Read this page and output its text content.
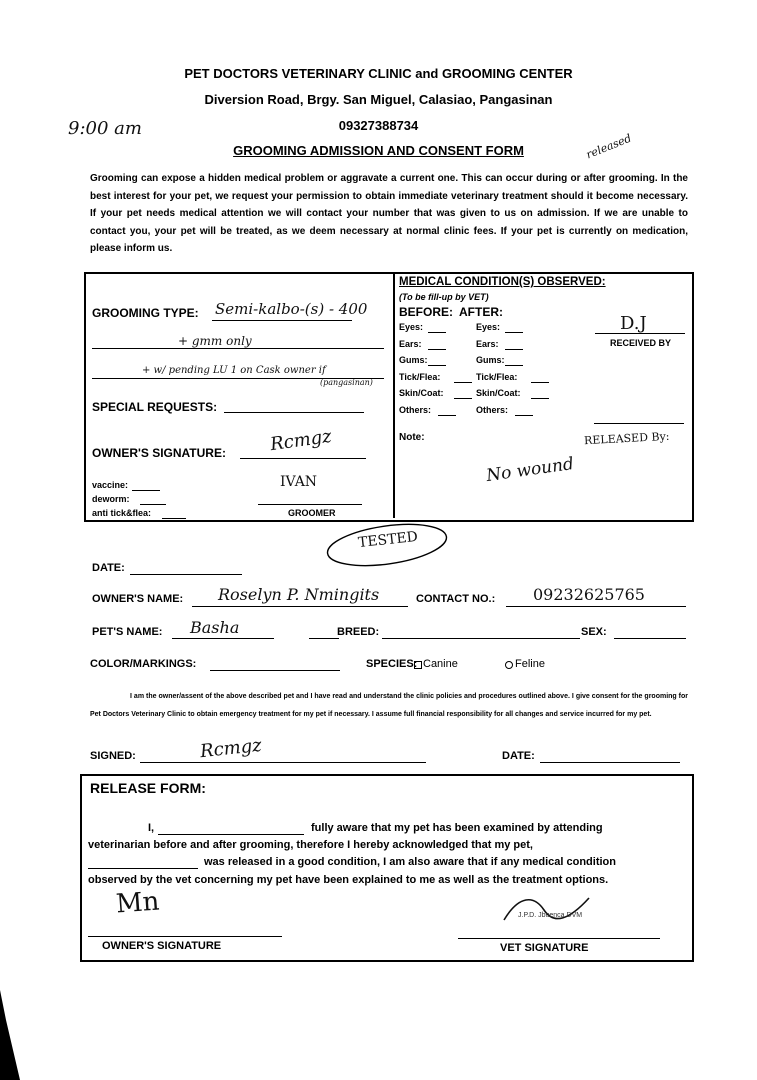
PET DOCTORS VETERINARY CLINIC and GROOMING CENTER
Diversion Road, Brgy. San Miguel, Calasiao, Pangasinan
09327388734
9:00 am
GROOMING ADMISSION AND CONSENT FORM	released
Grooming can expose a hidden medical problem or aggravate a current one. This can occur during or after grooming. In the best interest for your pet, we request your permission to obtain immediate veterinary treatment should it become necessary. If your pet needs medical attention we will contact your number that was given to us on admission. If we are unable to contact you, your pet will be treated, as we deem necessary at normal clinic fees. If your pet is currently on medication, please inform us.
GROOMING TYPE: Semi-kalbo-(s) - 400
+ gmm only
+ w/ pending LU 1 on Cask owner if
(pangasinan)
SPECIAL REQUESTS:
OWNER'S SIGNATURE: Rcmgz
vaccine:
deworm:
anti tick&flea:
IVAN
GROOMER
MEDICAL CONDITION(S) OBSERVED:
(To be fill-up by VET)
BEFORE: AFTER:
Eyes:	Eyes:
Ears:	Ears:
Gums:	Gums:
Tick/Flea:	Tick/Flea:
Skin/Coat:	Skin/Coat:
Others:	Others:
D.J
RECEIVED BY
Note:	RELEASED By:
No wound
TESTED
DATE:
OWNER'S NAME: Roselyn P. Nmingits	CONTACT NO.: 09232625765
PET'S NAME: Basha	BREED:	SEX:
COLOR/MARKINGS:	SPECIES: Canine	Feline
I am the owner/assent of the above described pet and I have read and understand the clinic policies and procedures outlined above. I give consent for the grooming for Pet Doctors Veterinary Clinic to obtain emergency treatment for my pet if necessary. I assume full financial responsibility for all changes and service incurred for my pet.
SIGNED:	Rcmgz	DATE:
RELEASE FORM:
I,	fully aware that my pet has been examined by attending
veterinarian before and after grooming, therefore I hereby acknowledged that my pet,
was released in a good condition, I am also aware that if any medical condition
observed by the vet concerning my pet have been explained to me as well as the treatment options.
Mn
OWNER'S SIGNATURE
J.P.D. Jbuenca DVM
VET SIGNATURE
